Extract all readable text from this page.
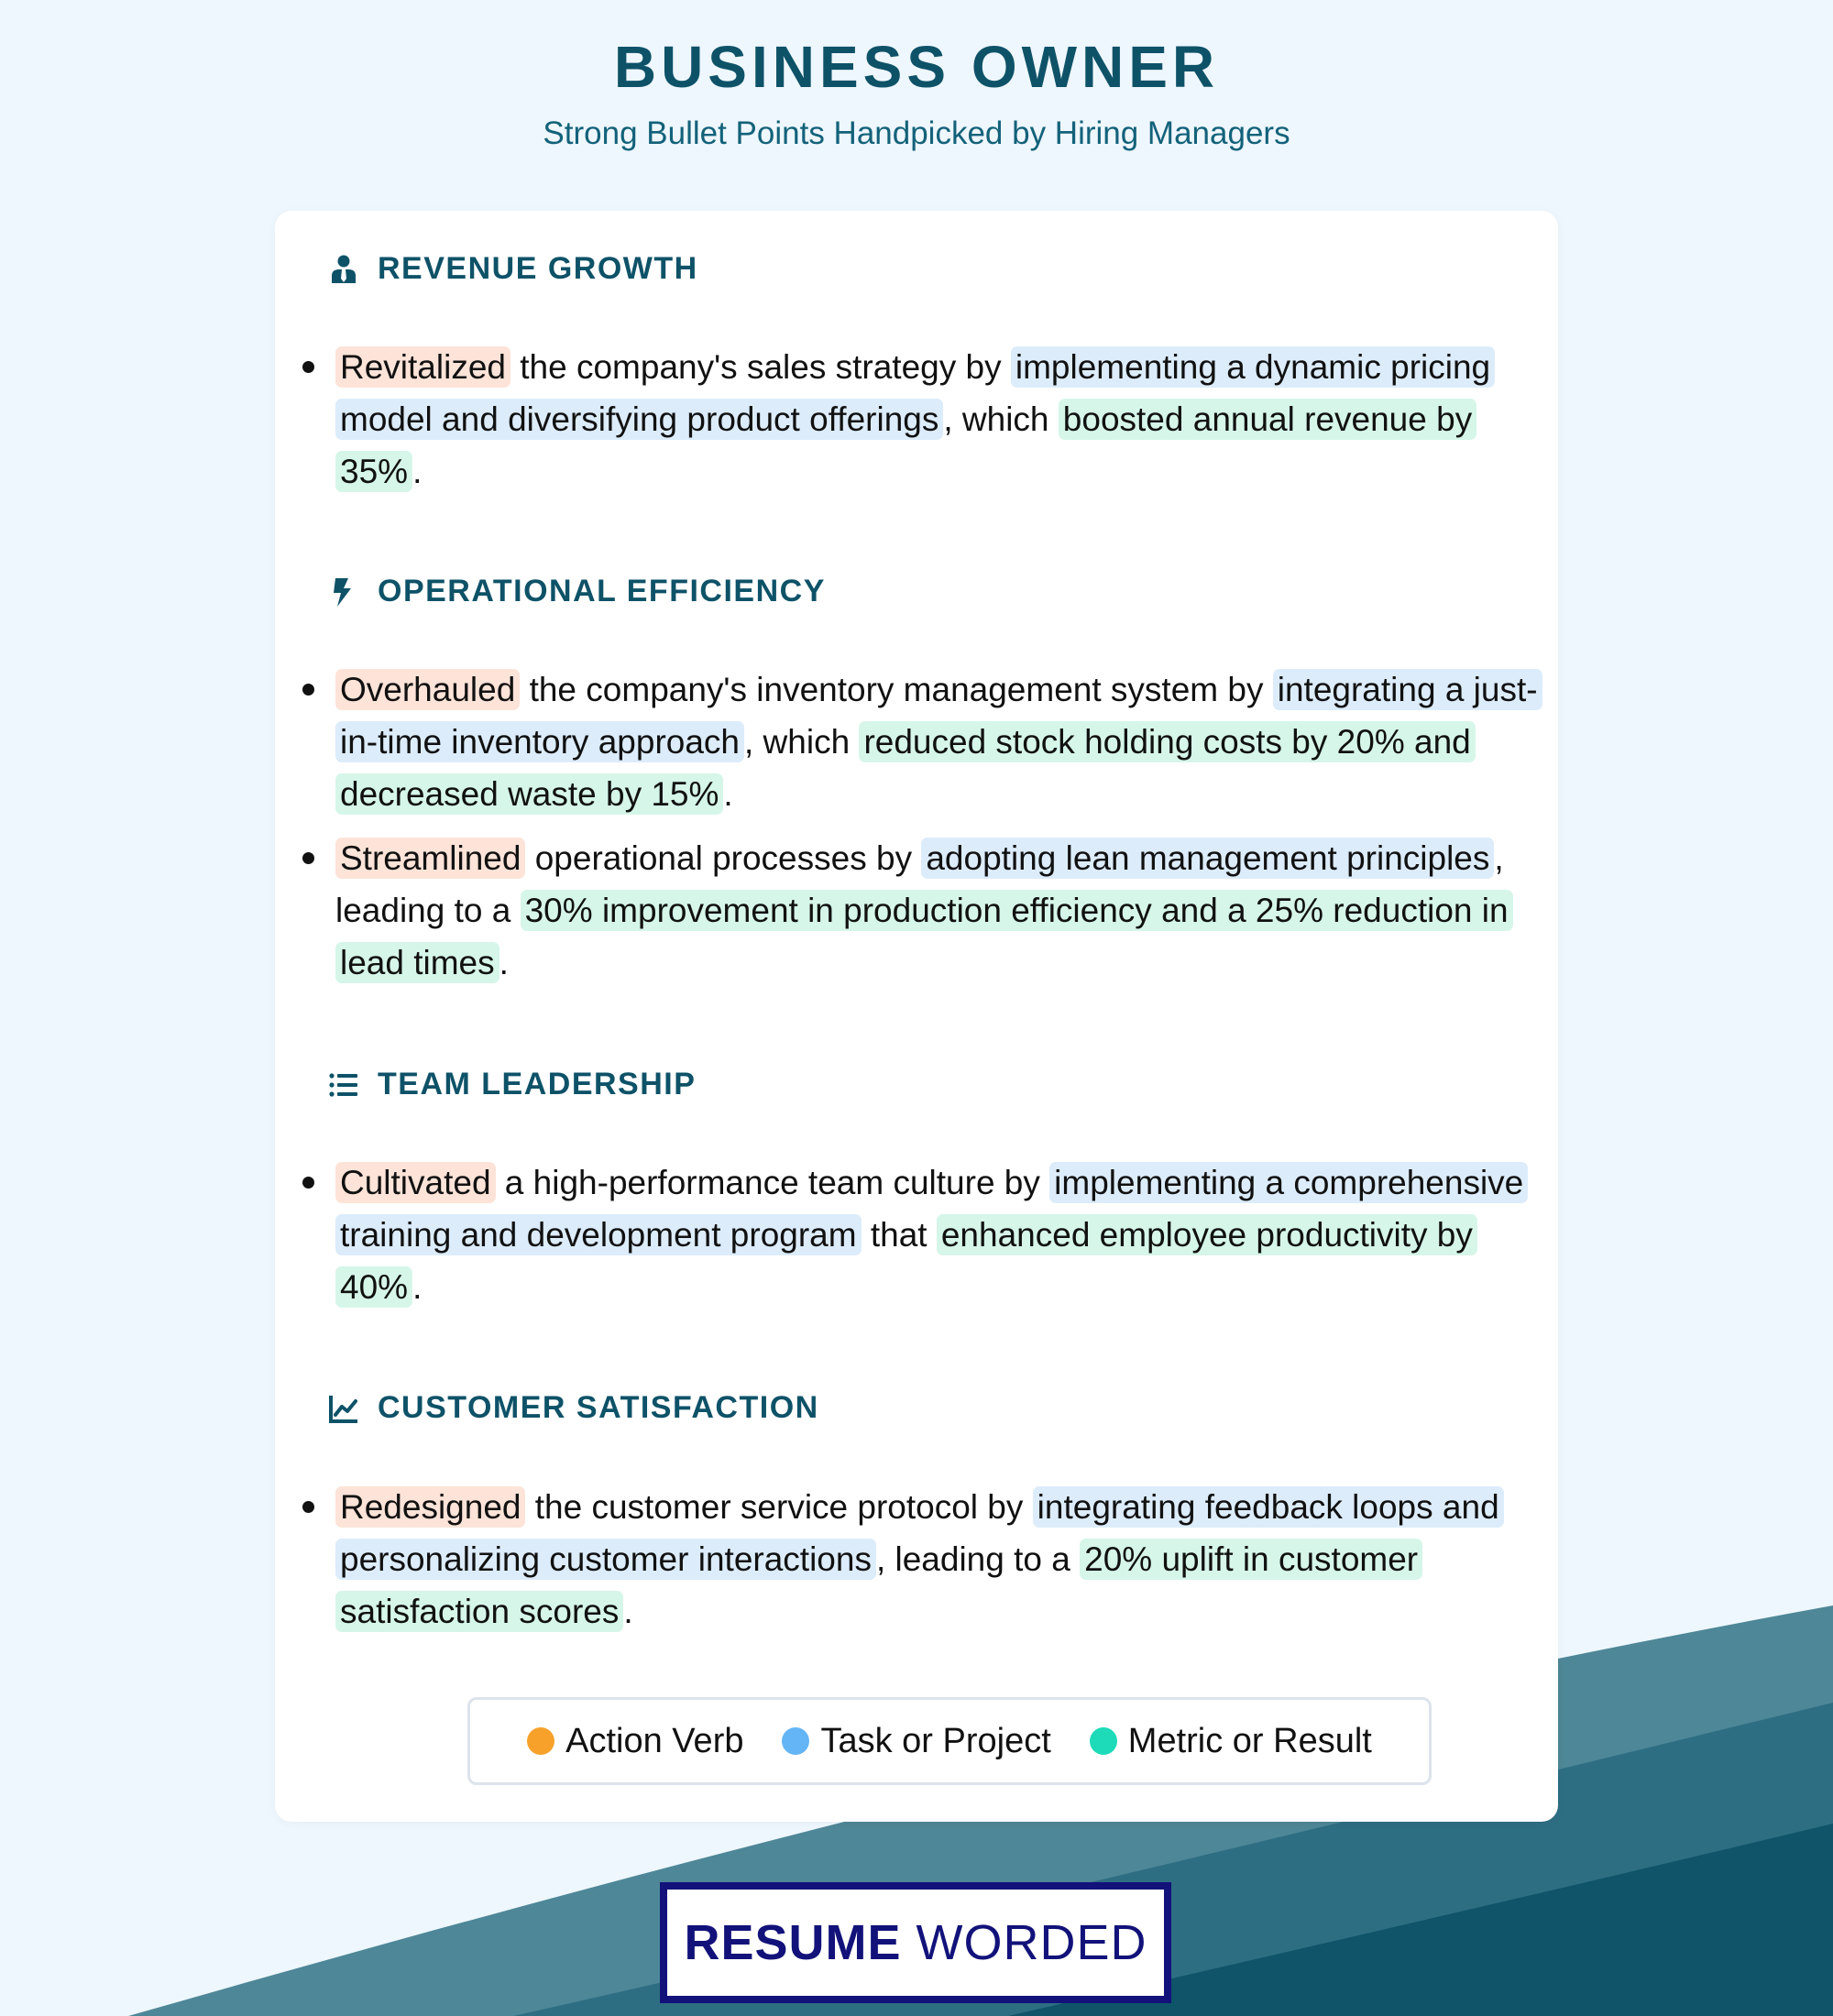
BUSINESS OWNER
Strong Bullet Points Handpicked by Hiring Managers
REVENUE GROWTH
Revitalized the company's sales strategy by implementing a dynamic pricing model and diversifying product offerings , which boosted annual revenue by 35% .
OPERATIONAL EFFICIENCY
Overhauled the company's inventory management system by integrating a just-in-time inventory approach , which reduced stock holding costs by 20% and decreased waste by 15% .
Streamlined operational processes by adopting lean management principles , leading to a 30% improvement in production efficiency and a 25% reduction in lead times .
TEAM LEADERSHIP
Cultivated a high-performance team culture by implementing a comprehensive training and development program that enhanced employee productivity by 40% .
CUSTOMER SATISFACTION
Redesigned the customer service protocol by integrating feedback loops and personalizing customer interactions , leading to a 20% uplift in customer satisfaction scores .
Action Verb Task or Project Metric or Result
RESUME WORDED
